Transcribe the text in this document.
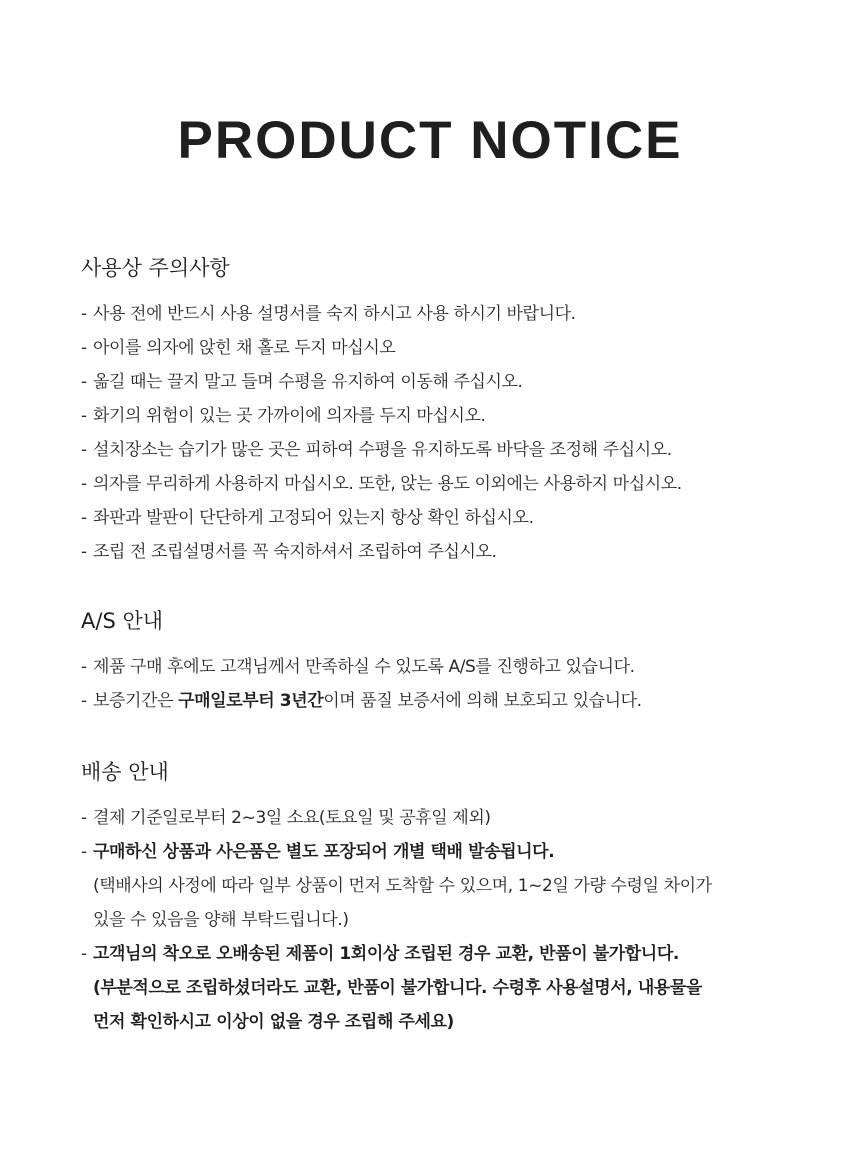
PRODUCT NOTICE
사용상 주의사항
- 사용 전에 반드시 사용 설명서를 숙지 하시고 사용 하시기 바랍니다.
- 아이를 의자에 앉힌 채 홀로 두지 마십시오
- 옮길 때는 끌지 말고 들며 수평을 유지하여 이동해 주십시오.
- 화기의 위험이 있는 곳 가까이에 의자를 두지 마십시오.
- 설치장소는 습기가 많은 곳은 피하여 수평을 유지하도록 바닥을 조정해 주십시오.
- 의자를 무리하게 사용하지 마십시오. 또한, 앉는 용도 이외에는 사용하지 마십시오.
- 좌판과 발판이 단단하게 고정되어 있는지 항상 확인 하십시오.
- 조립 전 조립설명서를 꼭 숙지하셔서 조립하여 주십시오.
A/S 안내
- 제품 구매 후에도 고객님께서 만족하실 수 있도록 A/S를 진행하고 있습니다.
- 보증기간은 구매일로부터 3년간이며 품질 보증서에 의해 보호되고 있습니다.
배송 안내
- 결제 기준일로부터 2~3일 소요(토요일 및 공휴일 제외)
- 구매하신 상품과 사은품은 별도 포장되어 개별 택배 발송됩니다.
(택배사의 사정에 따라 일부 상품이 먼저 도착할 수 있으며, 1~2일 가량 수령일 차이가
있을 수 있음을 양해 부탁드립니다.)
- 고객님의 착오로 오배송된 제품이 1회이상 조립된 경우 교환, 반품이 불가합니다.
(부분적으로 조립하셨더라도 교환, 반품이 불가합니다. 수령후 사용설명서, 내용물을
먼저 확인하시고 이상이 없을 경우 조립해 주세요)
